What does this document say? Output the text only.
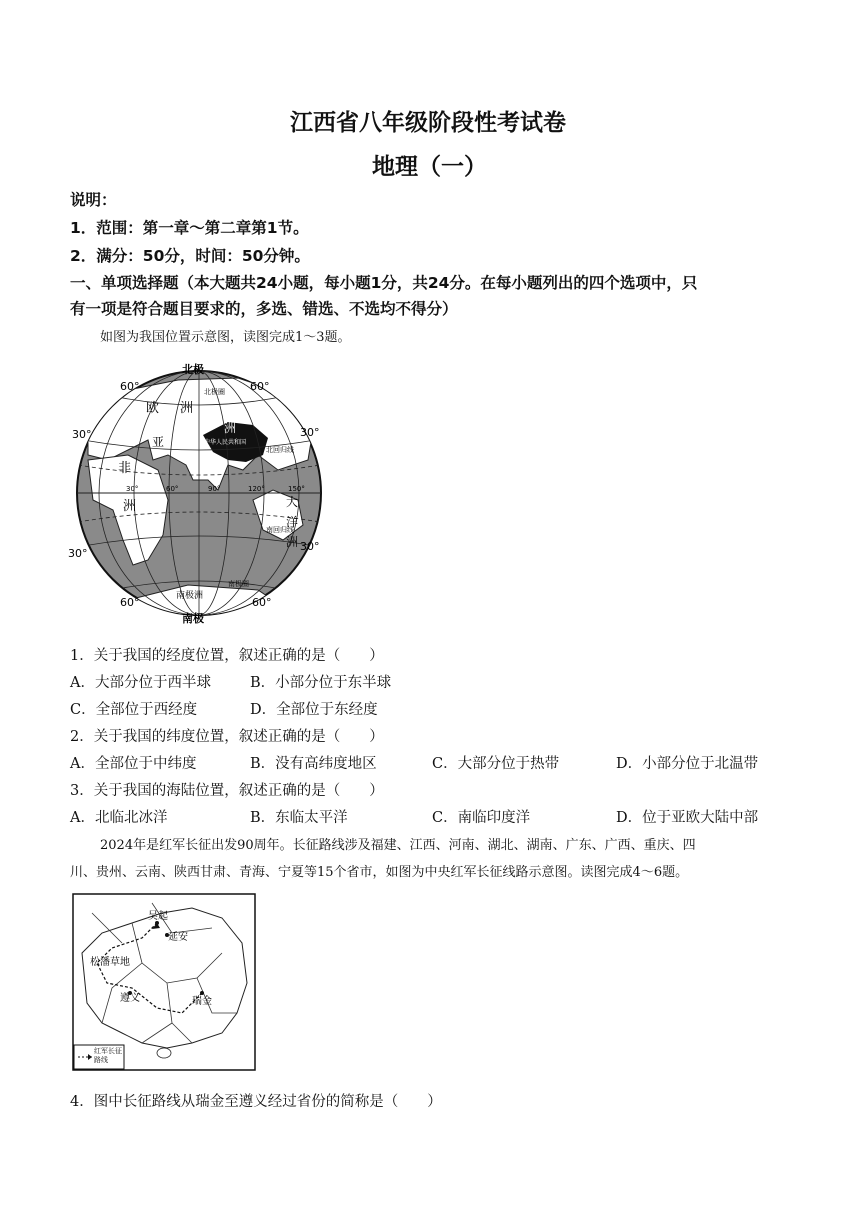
江西省八年级阶段性考试卷
地理（一）
说明：
1．范围：第一章～第二章第1节。
2．满分：50分，时间：50分钟。
一、单项选择题（本大题共24小题，每小题1分，共24分。在每小题列出的四个选项中，只
有一项是符合题目要求的，多选、错选、不选均不得分）
如图为我国位置示意图，读图完成1～3题。
北极
南极
60°	60°
30°	30°
30°
30°
60°	60°
欧 洲
亚
洲
非
洲	大
洋
洲
南极洲
北极圈
中华人民共和国
北回归线
南回归线
30°	60°	90°	120°	150°
南极圈
1．关于我国的经度位置，叙述正确的是（　　）
A．大部分位于西半球	B．小部分位于东半球
C．全部位于西经度	D．全部位于东经度
2．关于我国的纬度位置，叙述正确的是（　　）
A．全部位于中纬度	B．没有高纬度地区	C．大部分位于热带	D．小部分位于北温带
3．关于我国的海陆位置，叙述正确的是（　　）
A．北临北冰洋	B．东临太平洋	C．南临印度洋	D．位于亚欧大陆中部
2024年是红军长征出发90周年。长征路线涉及福建、江西、河南、湖北、湖南、广东、广西、重庆、四
川、贵州、云南、陕西甘肃、青海、宁夏等15个省市，如图为中央红军长征线路示意图。读图完成4～6题。
吴起
延安
松潘草地
遵义	瑞金
红军长征路线
4．图中长征路线从瑞金至遵义经过省份的简称是（　　）
